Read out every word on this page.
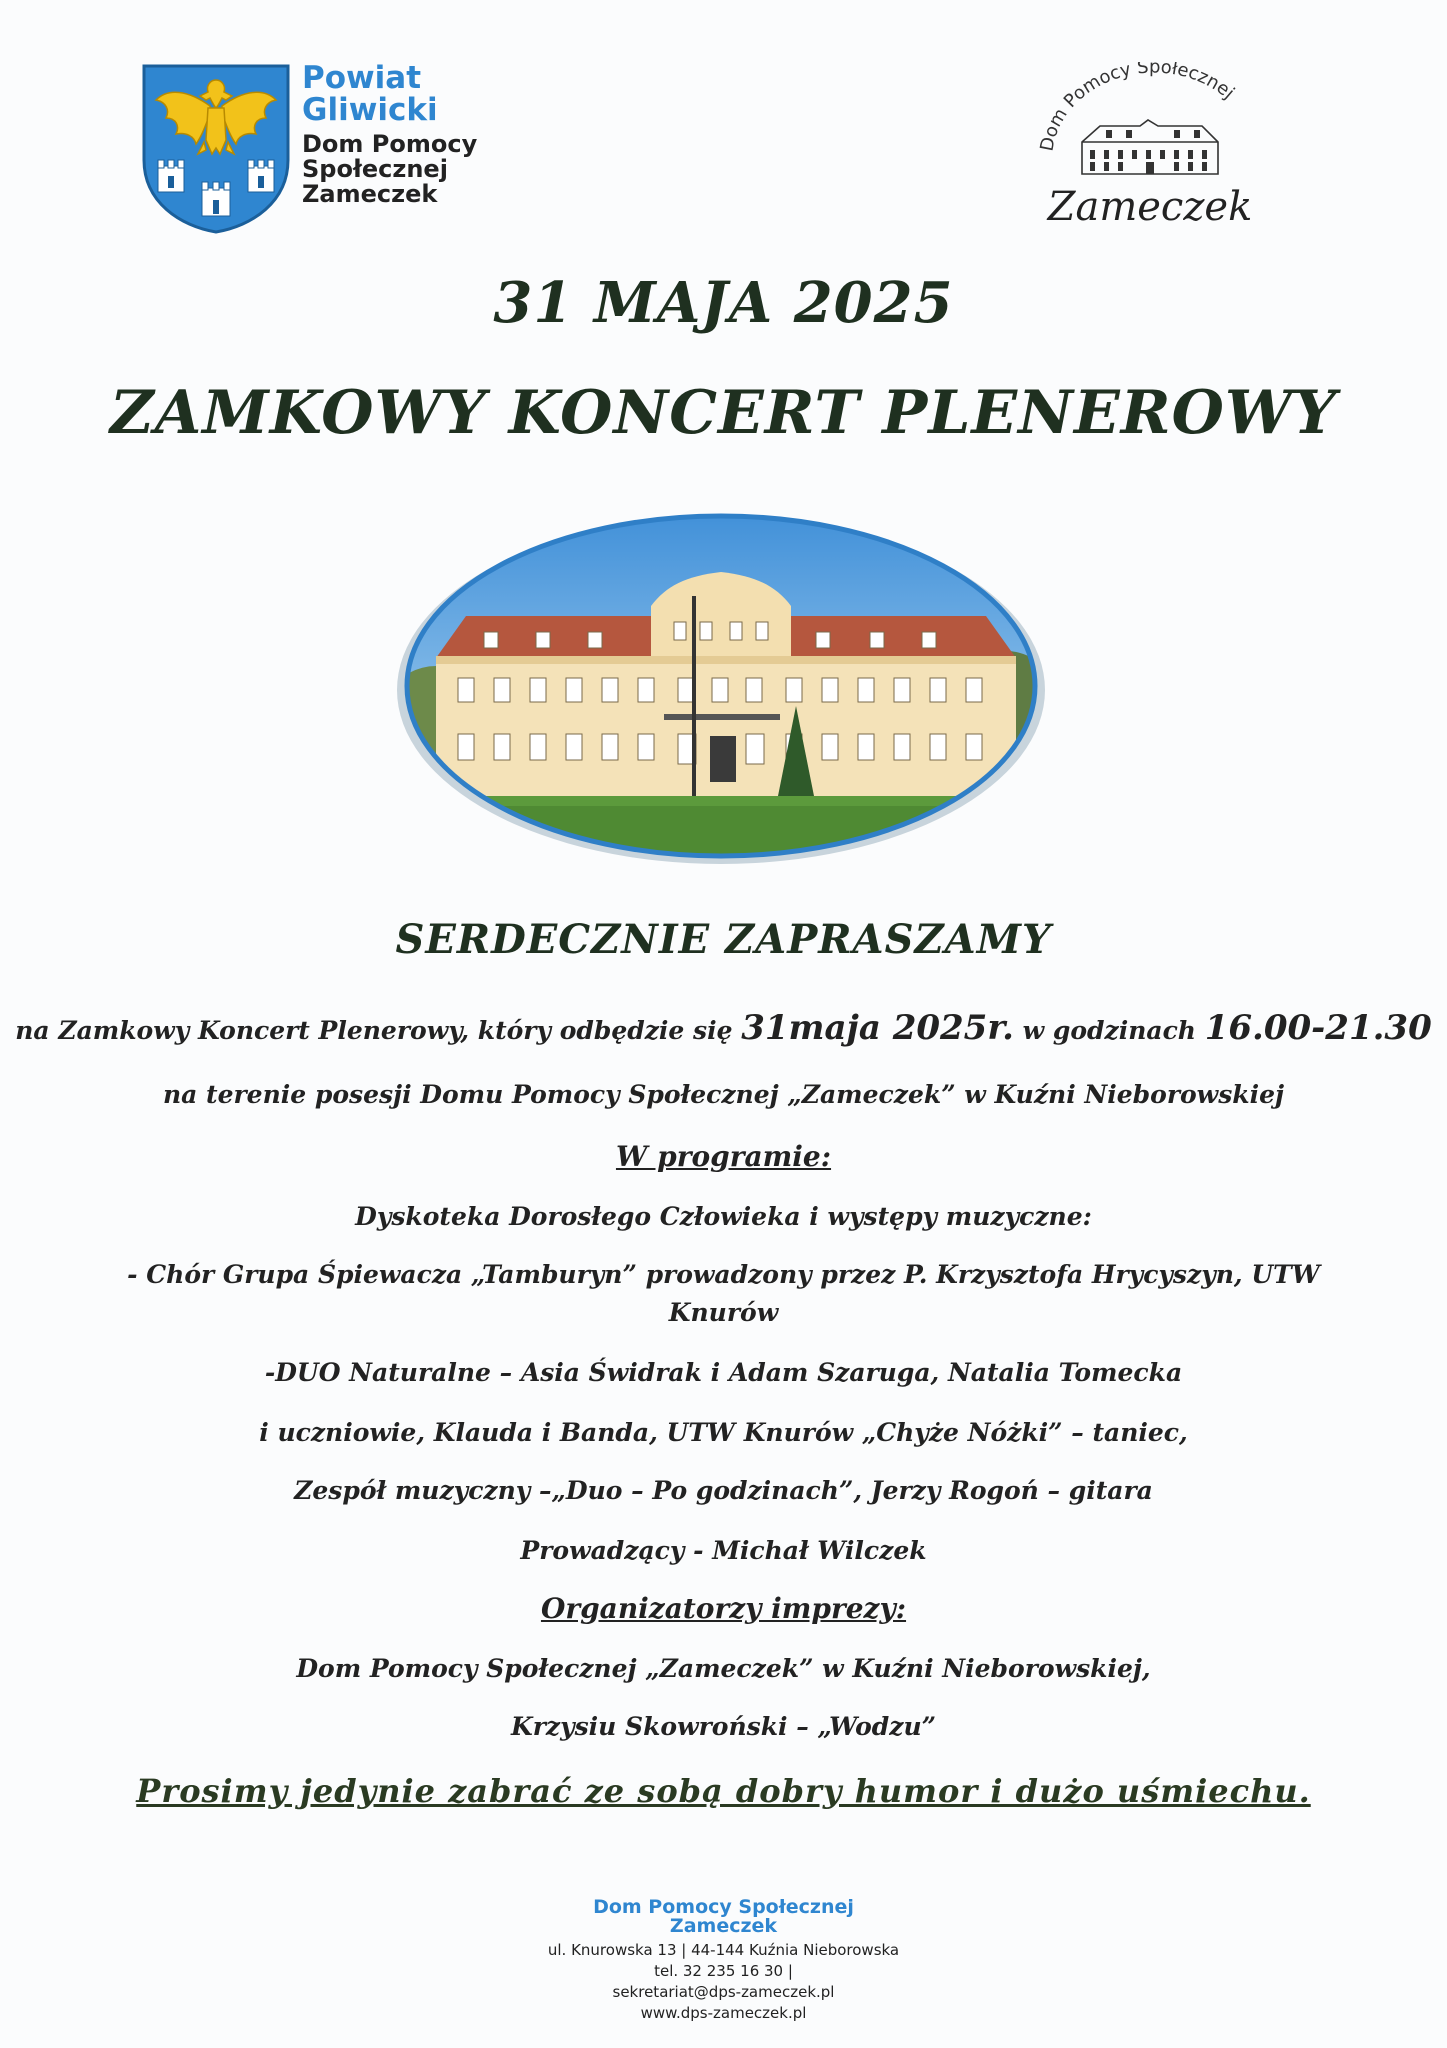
Powiat
Gliwicki
Dom Pomocy
Społecznej
Zameczek
Dom Pomocy Społecznej
Zameczek
31 MAJA 2025
ZAMKOWY KONCERT PLENEROWY
SERDECZNIE ZAPRASZAMY
na Zamkowy Koncert Plenerowy, który odbędzie się 31maja 2025r. w godzinach 16.00-21.30
na terenie posesji Domu Pomocy Społecznej „Zameczek” w Kuźni Nieborowskiej
W programie:
Dyskoteka Dorosłego Człowieka i występy muzyczne:
- Chór Grupa Śpiewacza „Tamburyn” prowadzony przez P. Krzysztofa Hrycyszyn, UTW
Knurów
-DUO Naturalne – Asia Świdrak i Adam Szaruga, Natalia Tomecka
i uczniowie, Klauda i Banda, UTW Knurów „Chyże Nóżki” – taniec,
Zespół muzyczny –„Duo – Po godzinach”, Jerzy Rogoń – gitara
Prowadzący - Michał Wilczek
Organizatorzy imprezy:
Dom Pomocy Społecznej „Zameczek” w Kuźni Nieborowskiej,
Krzysiu Skowroński – „Wodzu”
Prosimy jedynie zabrać ze sobą dobry humor i dużo uśmiechu.
Dom Pomocy Społecznej
Zameczek
ul. Knurowska 13 | 44-144 Kuźnia Nieborowska
tel. 32 235 16 30 |
sekretariat@dps-zameczek.pl
www.dps-zameczek.pl
